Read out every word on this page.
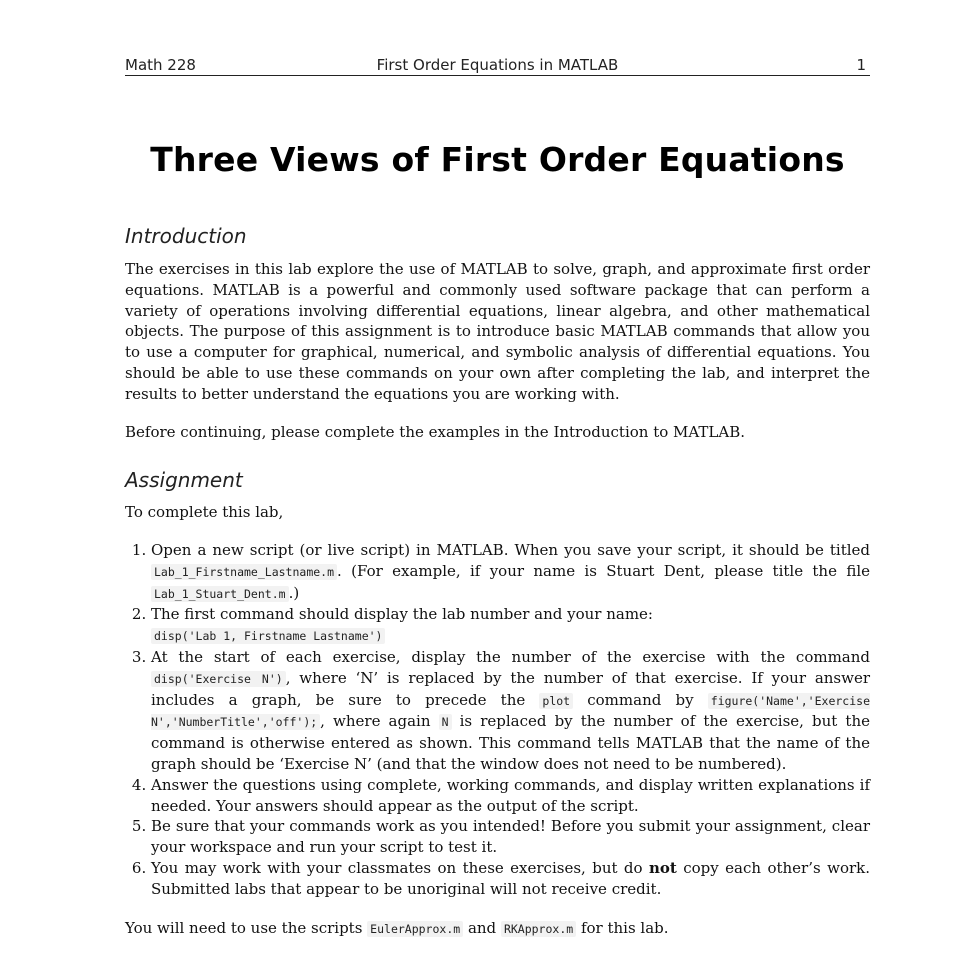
Math 228	First Order Equations in MATLAB	1
Three Views of First Order Equations
Introduction
The exercises in this lab explore the use of MATLAB to solve, graph, and approximate first order equations. MATLAB is a powerful and commonly used software package that can perform a variety of operations involving differential equations, linear algebra, and other mathematical objects. The purpose of this assignment is to introduce basic MATLAB commands that allow you to use a computer for graphical, numerical, and symbolic analysis of differential equations. You should be able to use these commands on your own after completing the lab, and interpret the results to better understand the equations you are working with.
Before continuing, please complete the examples in the Introduction to MATLAB.
Assignment
To complete this lab,
1. Open a new script (or live script) in MATLAB. When you save your script, it should be titled Lab_1_Firstname_Lastname.m . (For example, if your name is Stuart Dent, please title the file Lab_1_Stuart_Dent.m .)
2. The first command should display the lab number and your name:
disp('Lab 1, Firstname Lastname')
3. At the start of each exercise, display the number of the exercise with the command disp('Exercise N') , where ‘N’ is replaced by the number of that exercise. If your answer includes a graph, be sure to precede the plot command by figure('Name','Exercise N','NumberTitle','off'); , where again N is replaced by the number of the exercise, but the command is otherwise entered as shown. This command tells MATLAB that the name of the graph should be ‘Exercise N’ (and that the window does not need to be numbered).
4. Answer the questions using complete, working commands, and display written explanations if needed. Your answers should appear as the output of the script.
5. Be sure that your commands work as you intended! Before you submit your assignment, clear your workspace and run your script to test it.
6. You may work with your classmates on these exercises, but do not copy each other’s work. Submitted labs that appear to be unoriginal will not receive credit.
You will need to use the scripts EulerApprox.m and RKApprox.m for this lab.
